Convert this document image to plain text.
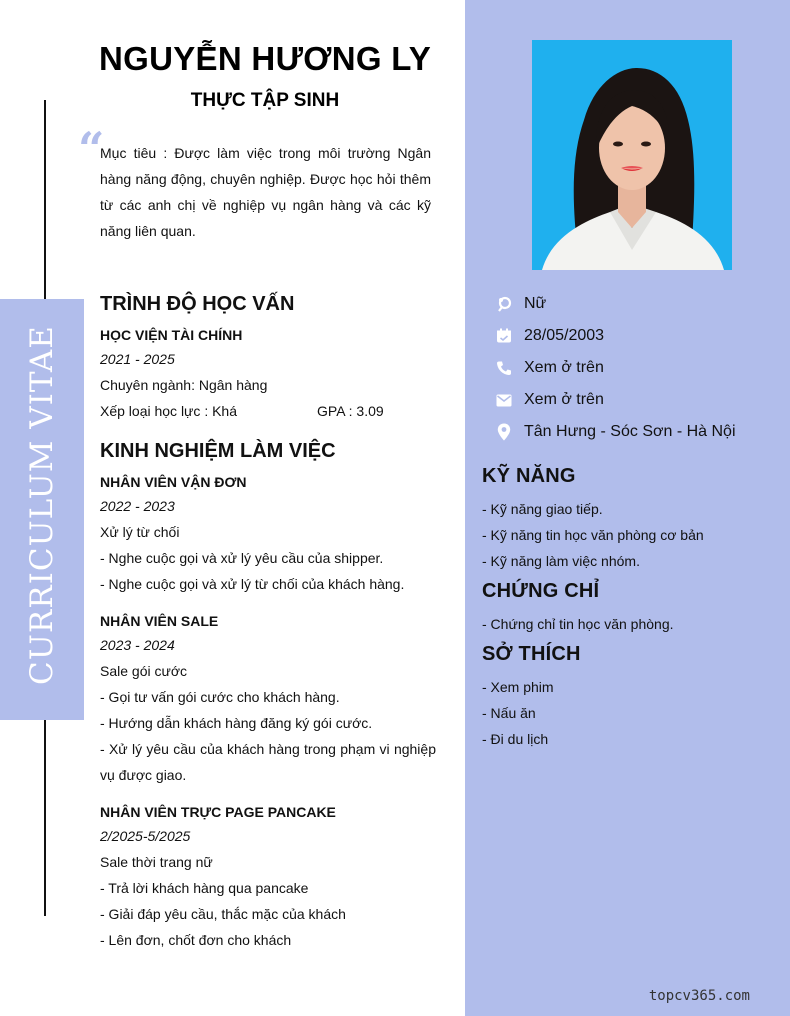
Nữ
28/05/2003
Xem ở trên
Xem ở trên
Tân Hưng - Sóc Sơn - Hà Nội
KỸ NĂNG
- Kỹ năng giao tiếp.
- Kỹ năng tin học văn phòng cơ bản
- Kỹ năng làm việc nhóm.
CHỨNG CHỈ
- Chứng chỉ tin học văn phòng.
SỞ THÍCH
- Xem phim
- Nấu ăn
- Đi du lịch
topcv365.com
CURRICULUM VITAE
NGUYỄN HƯƠNG LY
THỰC TẬP SINH
“
Mục tiêu : Được làm việc trong môi trường Ngân hàng năng động, chuyên nghiệp. Được học hỏi thêm từ các anh chị về nghiệp vụ ngân hàng và các kỹ năng liên quan.
TRÌNH ĐỘ HỌC VẤN
HỌC VIỆN TÀI CHÍNH
2021 - 2025
Chuyên ngành: Ngân hàng
Xếp loại học lực : Khá	GPA : 3.09
KINH NGHIỆM LÀM VIỆC
NHÂN VIÊN VẬN ĐƠN
2022 - 2023
Xử lý từ chối
- Nghe cuộc gọi và xử lý yêu cầu của shipper.
- Nghe cuộc gọi và xử lý từ chối của khách hàng.
NHÂN VIÊN SALE
2023 - 2024
Sale gói cước
- Gọi tư vấn gói cước cho khách hàng.
- Hướng dẫn khách hàng đăng ký gói cước.
- Xử lý yêu cầu của khách hàng trong phạm vi nghiệp vụ được giao.
NHÂN VIÊN TRỰC PAGE PANCAKE
2/2025-5/2025
Sale thời trang nữ
- Trả lời khách hàng qua pancake
- Giải đáp yêu cầu, thắc mặc của khách
- Lên đơn, chốt đơn cho khách
